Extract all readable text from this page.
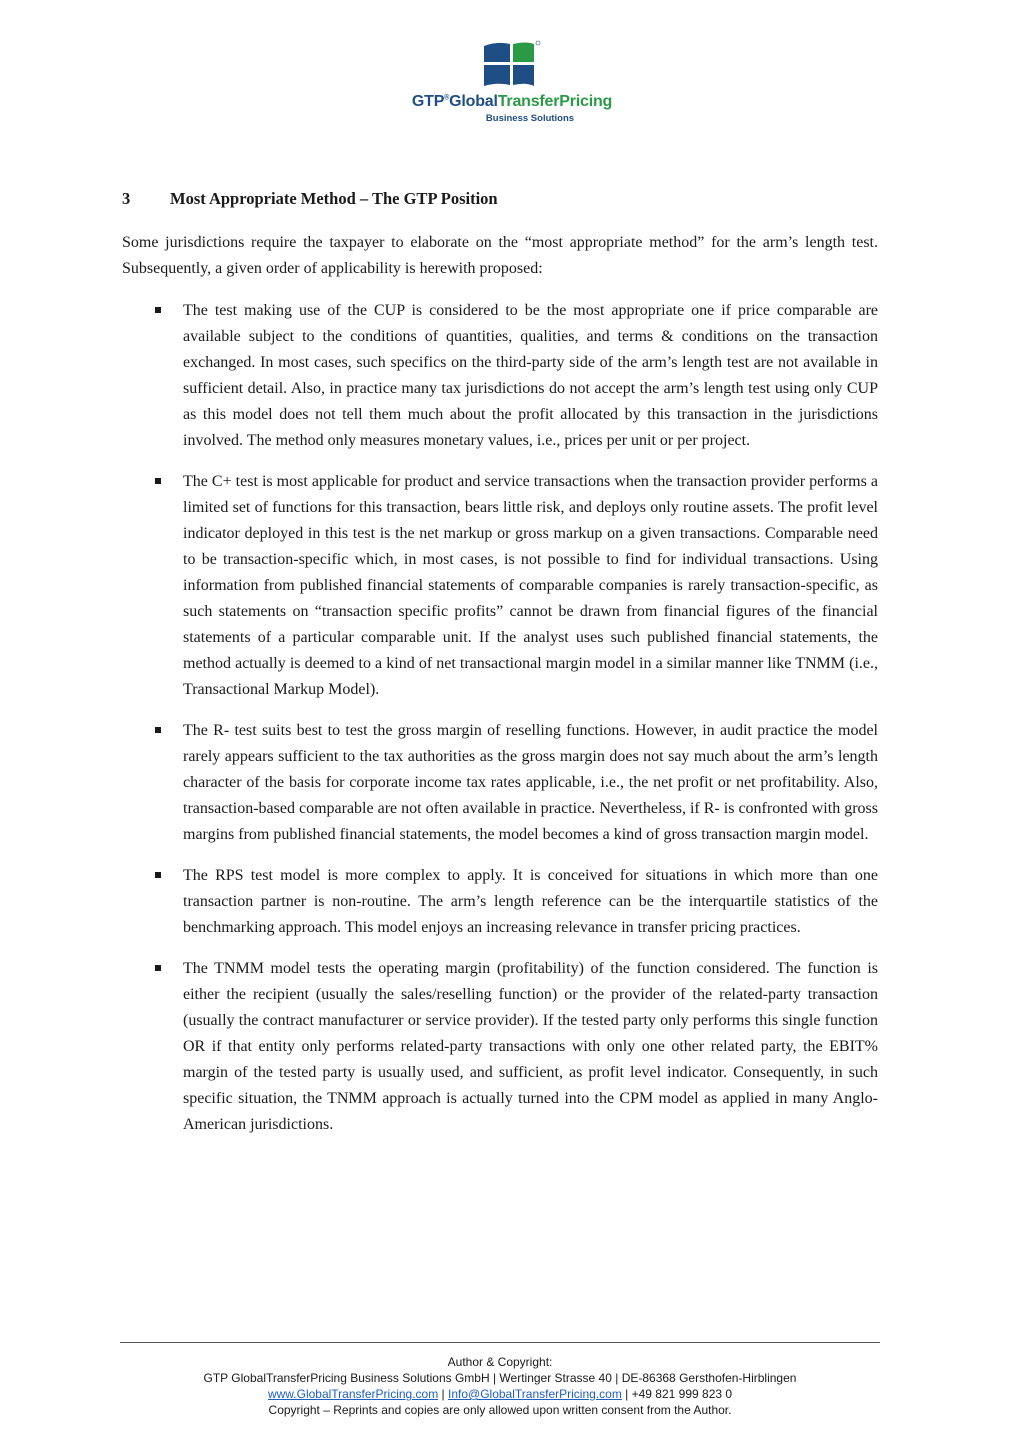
GTP®GlobalTransferPricing
Business Solutions
3 Most Appropriate Method – The GTP Position

Some jurisdictions require the taxpayer to elaborate on the “most appropriate method” for the arm’s length test. Subsequently, a given order of applicability is herewith proposed:

The test making use of the CUP is considered to be the most appropriate one if price comparable are available subject to the conditions of quantities, qualities, and terms & conditions on the transaction exchanged. In most cases, such specifics on the third-party side of the arm’s length test are not available in sufficient detail. Also, in practice many tax jurisdictions do not accept the arm’s length test using only CUP as this model does not tell them much about the profit allocated by this transaction in the jurisdictions involved. The method only measures monetary values, i.e., prices per unit or per project.
The C+ test is most applicable for product and service transactions when the transaction provider performs a limited set of functions for this transaction, bears little risk, and deploys only routine assets. The profit level indicator deployed in this test is the net markup or gross markup on a given transactions. Comparable need to be transaction-specific which, in most cases, is not possible to find for individual transactions. Using information from published financial statements of comparable companies is rarely transaction-specific, as such statements on “transaction specific profits” cannot be drawn from financial figures of the financial statements of a particular comparable unit. If the analyst uses such published financial statements, the method actually is deemed to a kind of net transactional margin model in a similar manner like TNMM (i.e., Transactional Markup Model).
The R- test suits best to test the gross margin of reselling functions. However, in audit practice the model rarely appears sufficient to the tax authorities as the gross margin does not say much about the arm’s length character of the basis for corporate income tax rates applicable, i.e., the net profit or net profitability. Also, transaction-based comparable are not often available in practice. Nevertheless, if R- is confronted with gross margins from published financial statements, the model becomes a kind of gross transaction margin model.
The RPS test model is more complex to apply. It is conceived for situations in which more than one transaction partner is non-routine. The arm’s length reference can be the interquartile statistics of the benchmarking approach. This model enjoys an increasing relevance in transfer pricing practices.
The TNMM model tests the operating margin (profitability) of the function considered. The function is either the recipient (usually the sales/reselling function) or the provider of the related-party transaction (usually the contract manufacturer or service provider). If the tested party only performs this single function OR if that entity only performs related-party transactions with only one other related party, the EBIT% margin of the tested party is usually used, and sufficient, as profit level indicator. Consequently, in such specific situation, the TNMM approach is actually turned into the CPM model as applied in many Anglo-American jurisdictions.
Author & Copyright:
GTP GlobalTransferPricing Business Solutions GmbH | Wertinger Strasse 40 | DE-86368 Gersthofen-Hirblingen
www.GlobalTransferPricing.com | Info@GlobalTransferPricing.com | +49 821 999 823 0
Copyright – Reprints and copies are only allowed upon written consent from the Author.
